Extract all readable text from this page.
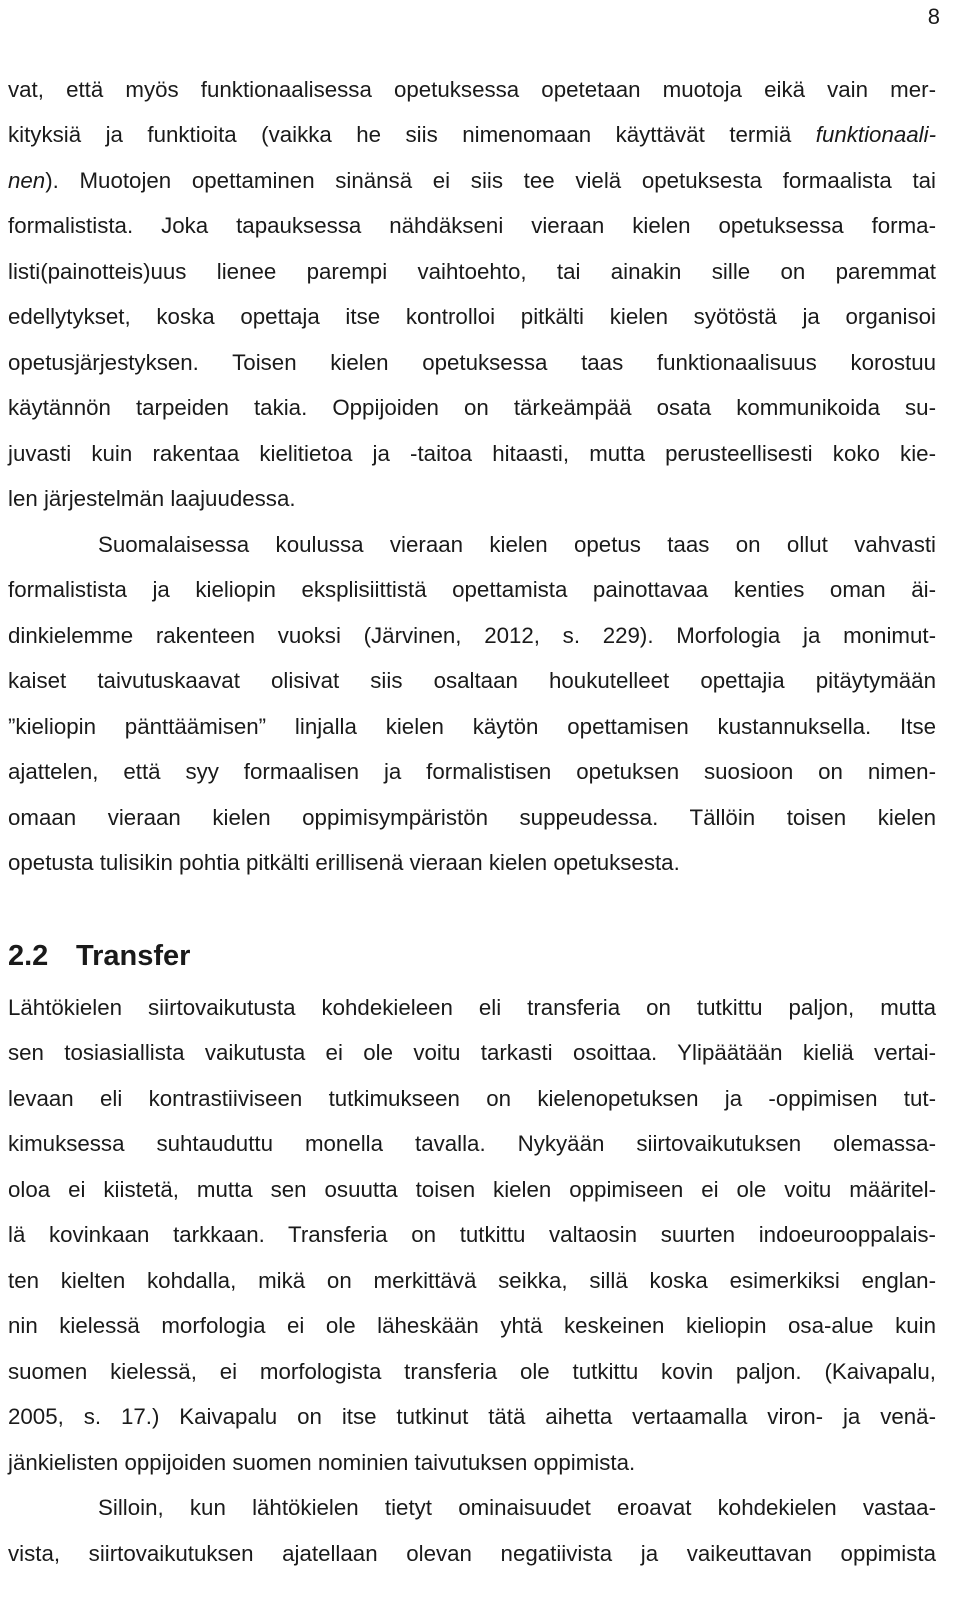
8
vat, että myös funktionaalisessa opetuksessa opetetaan muotoja eikä vain mer-
kityksiä ja funktioita (vaikka he siis nimenomaan käyttävät termiä funktionaali-
nen). Muotojen opettaminen sinänsä ei siis tee vielä opetuksesta formaalista tai
formalistista. Joka tapauksessa nähdäkseni vieraan kielen opetuksessa forma-
listi(painotteis)uus lienee parempi vaihtoehto, tai ainakin sille on paremmat
edellytykset, koska opettaja itse kontrolloi pitkälti kielen syötöstä ja organisoi
opetusjärjestyksen. Toisen kielen opetuksessa taas funktionaalisuus korostuu
käytännön tarpeiden takia. Oppijoiden on tärkeämpää osata kommunikoida su-
juvasti kuin rakentaa kielitietoa ja -taitoa hitaasti, mutta perusteellisesti koko kie-
len järjestelmän laajuudessa.
Suomalaisessa koulussa vieraan kielen opetus taas on ollut vahvasti
formalistista ja kieliopin eksplisiittistä opettamista painottavaa kenties oman äi-
dinkielemme rakenteen vuoksi (Järvinen, 2012, s. 229). Morfologia ja monimut-
kaiset taivutuskaavat olisivat siis osaltaan houkutelleet opettajia pitäytymään
”kieliopin pänttäämisen” linjalla kielen käytön opettamisen kustannuksella. Itse
ajattelen, että syy formaalisen ja formalistisen opetuksen suosioon on nimen-
omaan vieraan kielen oppimisympäristön suppeudessa. Tällöin toisen kielen
opetusta tulisikin pohtia pitkälti erillisenä vieraan kielen opetuksesta.
2.2 Transfer
Lähtökielen siirtovaikutusta kohdekieleen eli transferia on tutkittu paljon, mutta
sen tosiasiallista vaikutusta ei ole voitu tarkasti osoittaa. Ylipäätään kieliä vertai-
levaan eli kontrastiiviseen tutkimukseen on kielenopetuksen ja -oppimisen tut-
kimuksessa suhtauduttu monella tavalla. Nykyään siirtovaikutuksen olemassa-
oloa ei kiistetä, mutta sen osuutta toisen kielen oppimiseen ei ole voitu määritel-
lä kovinkaan tarkkaan. Transferia on tutkittu valtaosin suurten indoeurooppalais-
ten kielten kohdalla, mikä on merkittävä seikka, sillä koska esimerkiksi englan-
nin kielessä morfologia ei ole läheskään yhtä keskeinen kieliopin osa-alue kuin
suomen kielessä, ei morfologista transferia ole tutkittu kovin paljon. (Kaivapalu,
2005, s. 17.) Kaivapalu on itse tutkinut tätä aihetta vertaamalla viron- ja venä-
jänkielisten oppijoiden suomen nominien taivutuksen oppimista.
Silloin, kun lähtökielen tietyt ominaisuudet eroavat kohdekielen vastaa-
vista, siirtovaikutuksen ajatellaan olevan negatiivista ja vaikeuttavan oppimista
